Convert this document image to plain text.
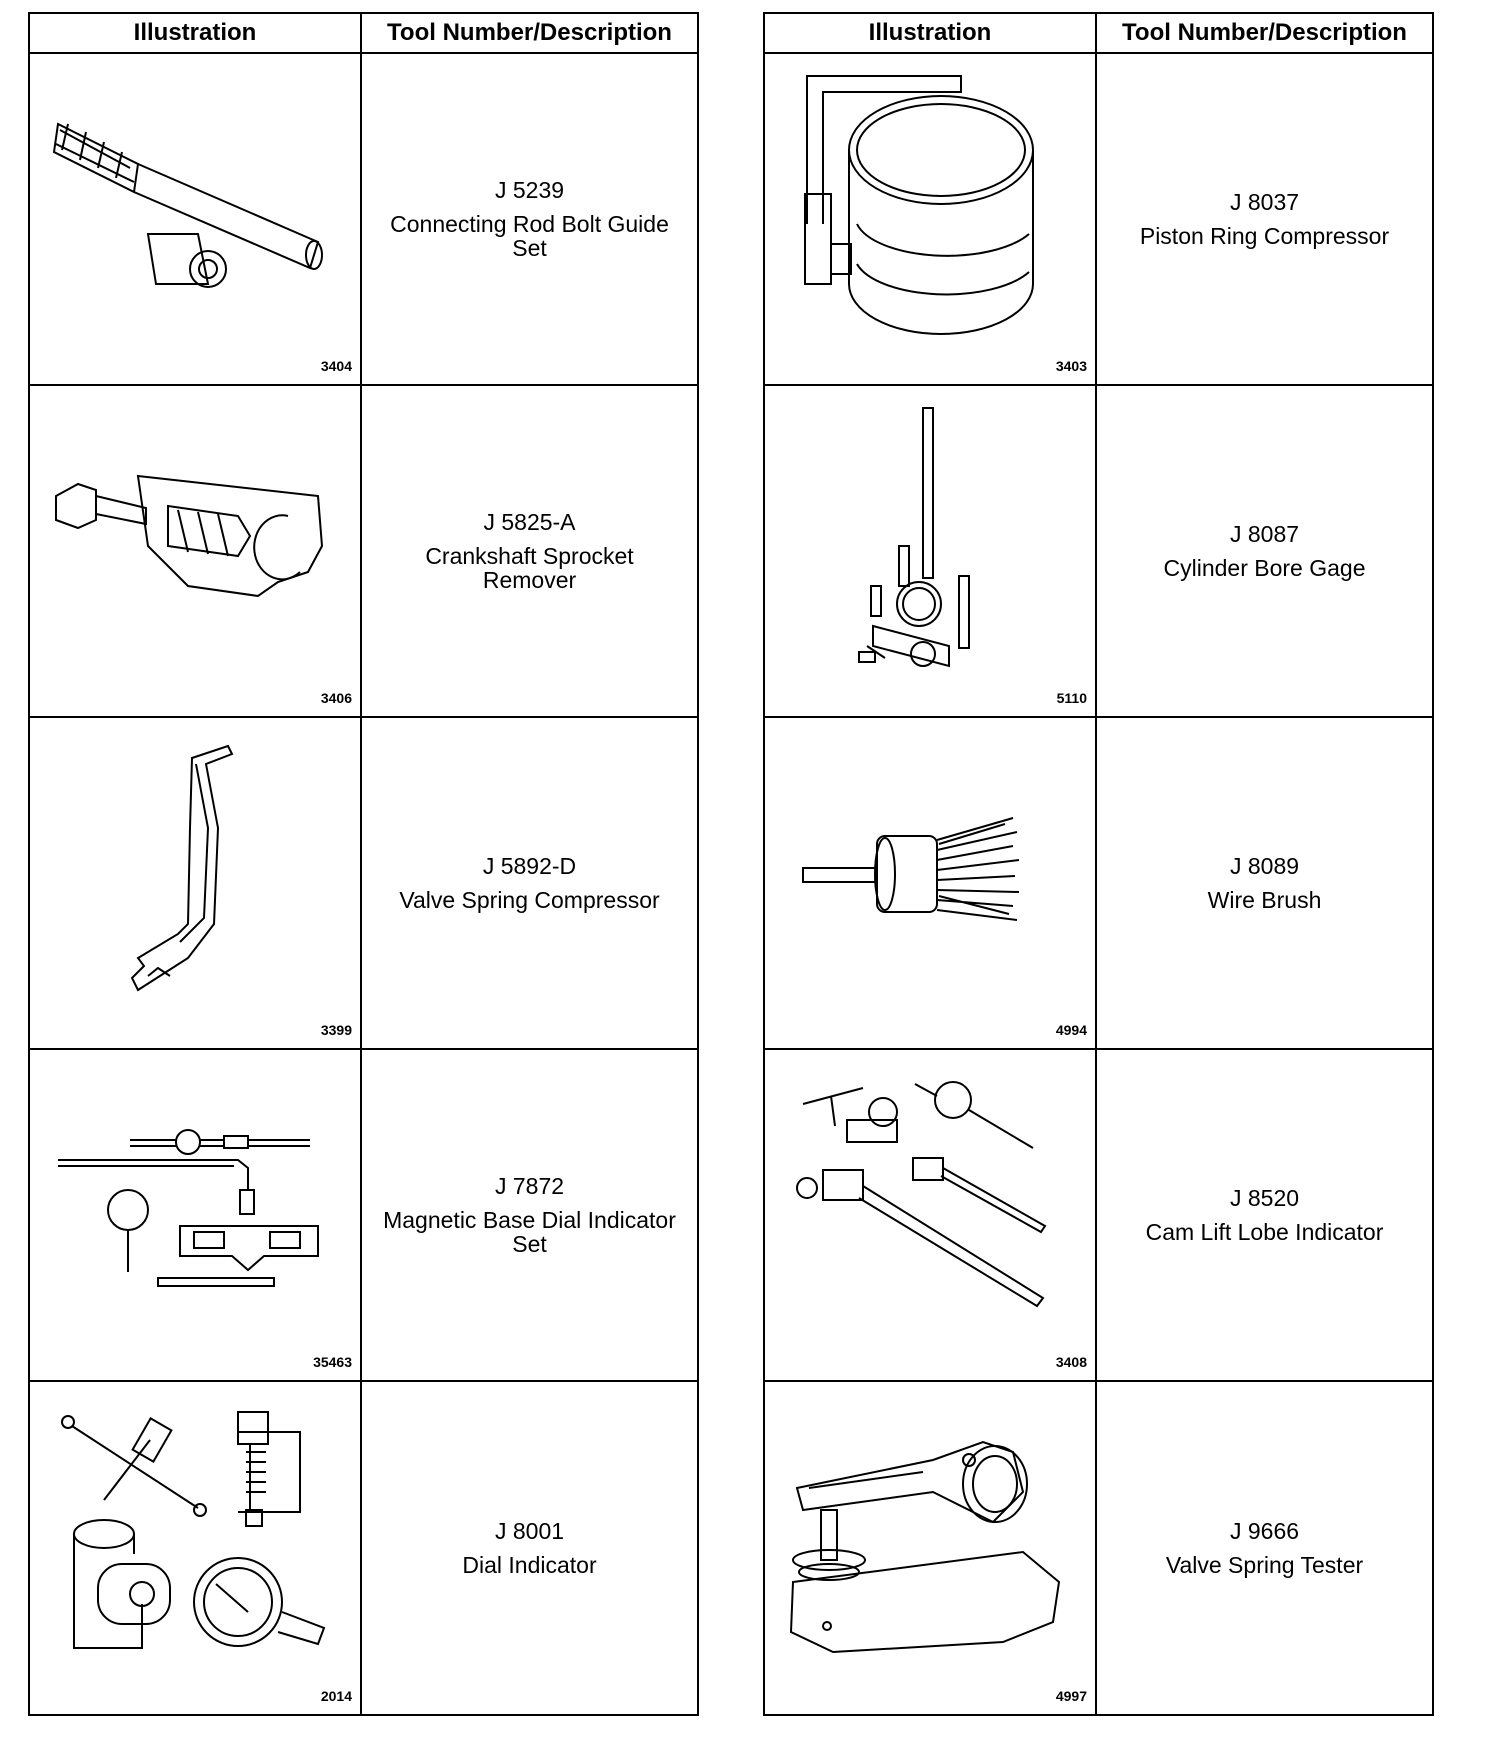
Illustration	Tool Number/Description
3404
J 5239
Connecting Rod Bolt Guide Set
3406
J 5825-A
Crankshaft Sprocket Remover
3399
J 5892-D
Valve Spring Compressor
35463
J 7872
Magnetic Base Dial Indicator Set
2014
J 8001
Dial Indicator
Illustration	Tool Number/Description
3403
J 8037
Piston Ring Compressor
5110
J 8087
Cylinder Bore Gage
4994
J 8089
Wire Brush
3408
J 8520
Cam Lift Lobe Indicator
4997
J 9666
Valve Spring Tester
